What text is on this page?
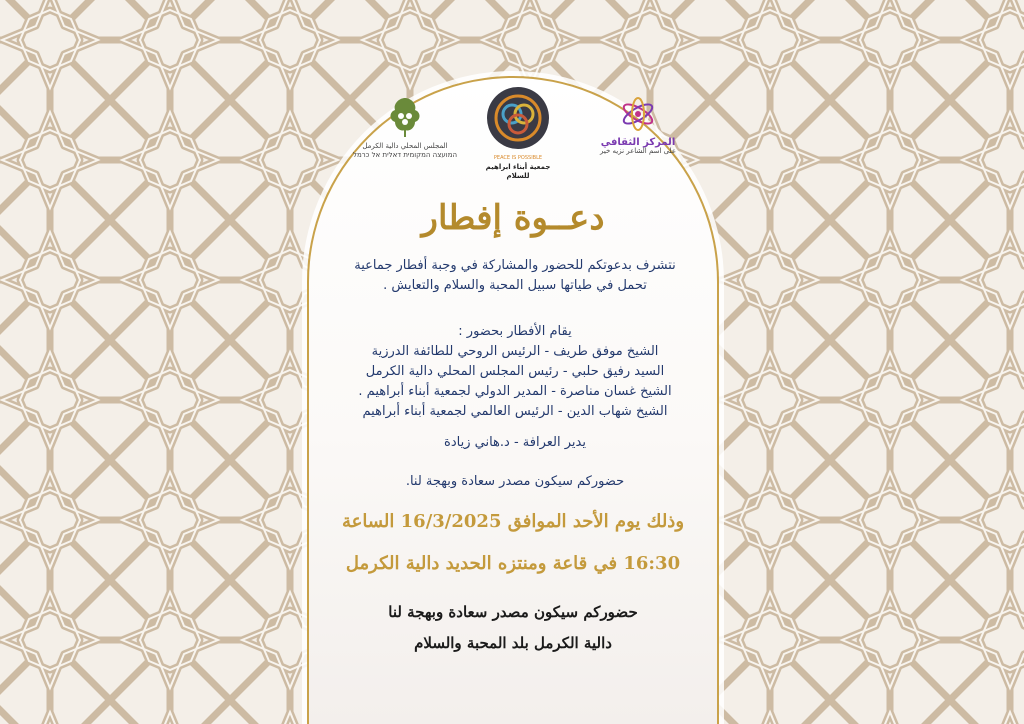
المجلس المحلي دالية الكرمل
המועצה המקומית דאלית אל כרמל	PEACE IS POSSIBLE
جمعية أبناء ابراهيم للسلام
المركز الثقافي
على اسم الشاعر نزيه خير
دعــوة إفطار
نتشرف بدعوتكم للحضور والمشاركة في وجبة أفطار جماعية
تحمل في طياتها سبيل المحبة والسلام والتعايش .
يقام الأفطار بحضور :
الشيخ موفق طريف - الرئيس الروحي للطائفة الدرزية
السيد رفيق حلبي - رئيس المجلس المحلي دالية الكرمل
الشيخ غسان مناصرة - المدير الدولي لجمعية أبناء أبراهيم .
الشيخ شهاب الدين - الرئيس العالمي لجمعية أبناء أبراهيم
يدير العرافة - د.هاني زيادة
حضوركم سيكون مصدر سعادة وبهجة لنا.
وذلك يوم الأحد الموافق 16/3/2025 الساعة
16:30 في قاعة ومنتزه الحديد دالية الكرمل
حضوركم سيكون مصدر سعادة وبهجة لنا
دالية الكرمل بلد المحبة والسلام
